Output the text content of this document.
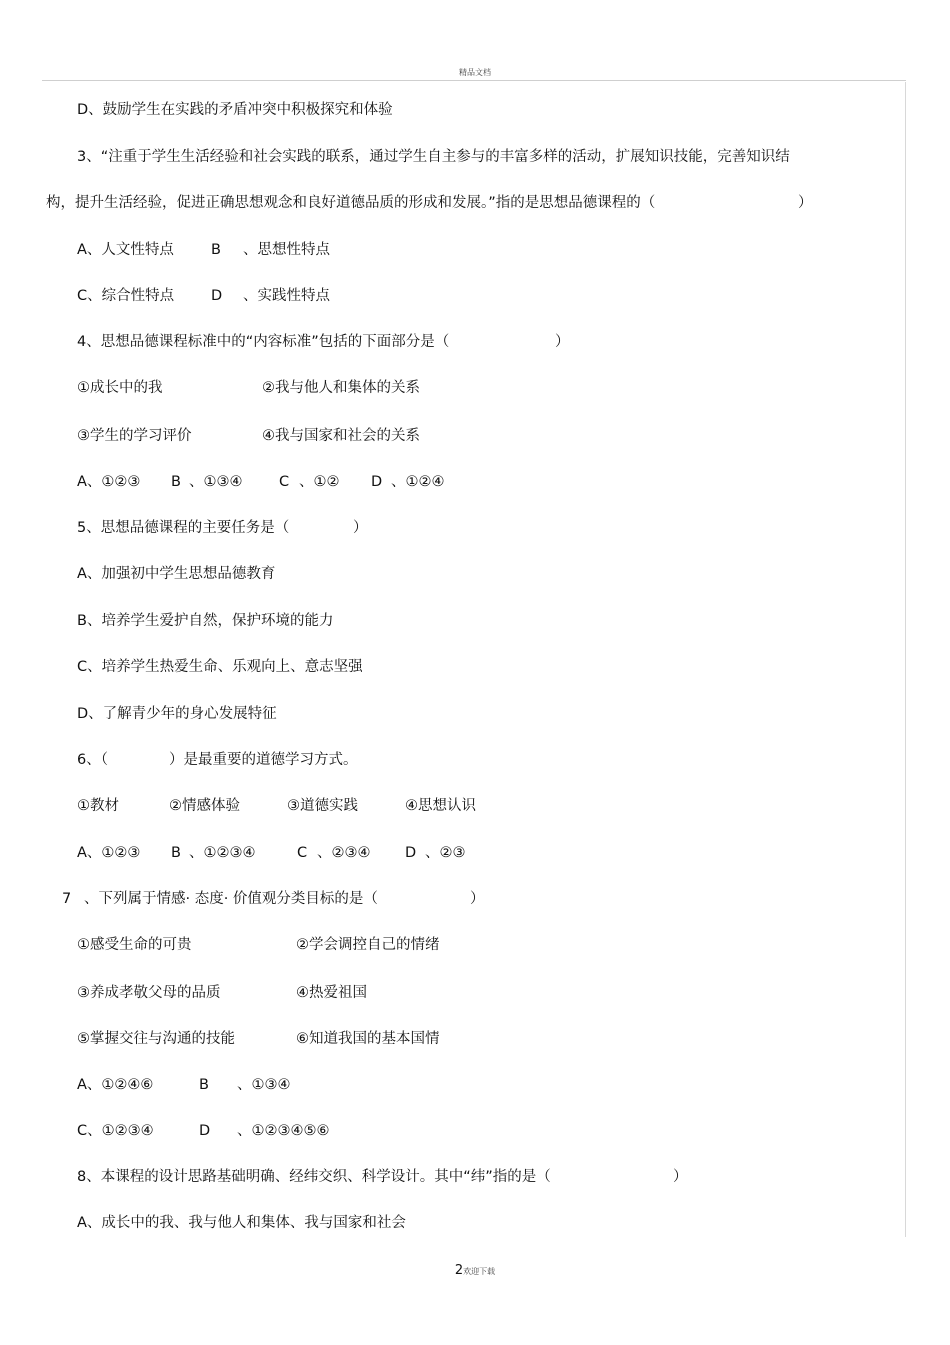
精品文档
D、鼓励学生在实践的矛盾冲突中积极探究和体验
3、“注重于学生生活经验和社会实践的联系，通过学生自主参与的丰富多样的活动，扩展知识技能，完善知识结
构，提升生活经验，促进正确思想观念和良好道德品质的形成和发展。”指的是思想品德课程的（	）
A、人文性特点	B 、思想性特点
C、综合性特点	D 、实践性特点
4、思想品德课程标准中的“内容标准”包括的下面部分是（	）
①成长中的我	②我与他人和集体的关系
③学生的学习评价	④我与国家和社会的关系
A、①②③ B 、①③④	C 、①② D 、①②④
5、思想品德课程的主要任务是（	）
A、加强初中学生思想品德教育
B、培养学生爱护自然，保护环境的能力
C、培养学生热爱生命、乐观向上、意志坚强
D、了解青少年的身心发展特征
6、（	）是最重要的道德学习方式。
①教材	②情感体验	③道德实践	④思想认识
A、①②③ B 、①②③④	C 、②③④ D 、②③
7 、下列属于情感· 态度· 价值观分类目标的是（	）
①感受生命的可贵	②学会调控自己的情绪
③养成孝敬父母的品质	④热爱祖国
⑤掌握交往与沟通的技能	⑥知道我国的基本国情
A、①②④⑥	B 、①③④
C、①②③④	D 、①②③④⑤⑥
8、本课程的设计思路基础明确、经纬交织、科学设计。其中“纬”指的是（	）
A、成长中的我、我与他人和集体、我与国家和社会
2欢迎下载
